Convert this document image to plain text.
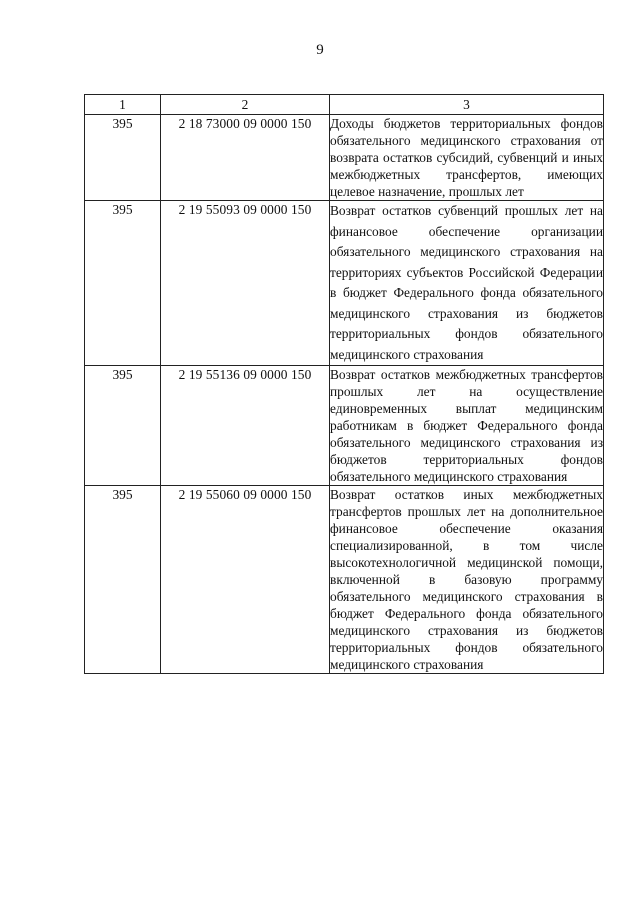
9
1	2	3
395	2 18 73000 09 0000 150	Доходы бюджетов территориальных фондов обязательного медицинского страхования от возврата остатков субсидий, субвенций и иных межбюджетных трансфертов, имеющих целевое назначение, прошлых лет

395	2 19 55093 09 0000 150	Возврат остатков субвенций прошлых лет на финансовое обеспечение организации обязательного медицинского страхования на территориях субъектов Российской Федерации в бюджет Федерального фонда обязательного медицинского страхования из бюджетов территориальных фондов обязательного медицинского страхования

395	2 19 55136 09 0000 150	Возврат остатков межбюджетных трансфертов прошлых лет на осуществление единовременных выплат медицинским работникам в бюджет Федерального фонда обязательного медицинского страхования из бюджетов территориальных фондов обязательного медицинского страхования

395	2 19 55060 09 0000 150	Возврат остатков иных межбюджетных трансфертов прошлых лет на дополнительное финансовое обеспечение оказания специализированной, в том числе высокотехнологичной медицинской помощи, включенной в базовую программу обязательного медицинского страхования в бюджет Федерального фонда обязательного медицинского страхования из бюджетов территориальных фондов обязательного медицинского страхования
